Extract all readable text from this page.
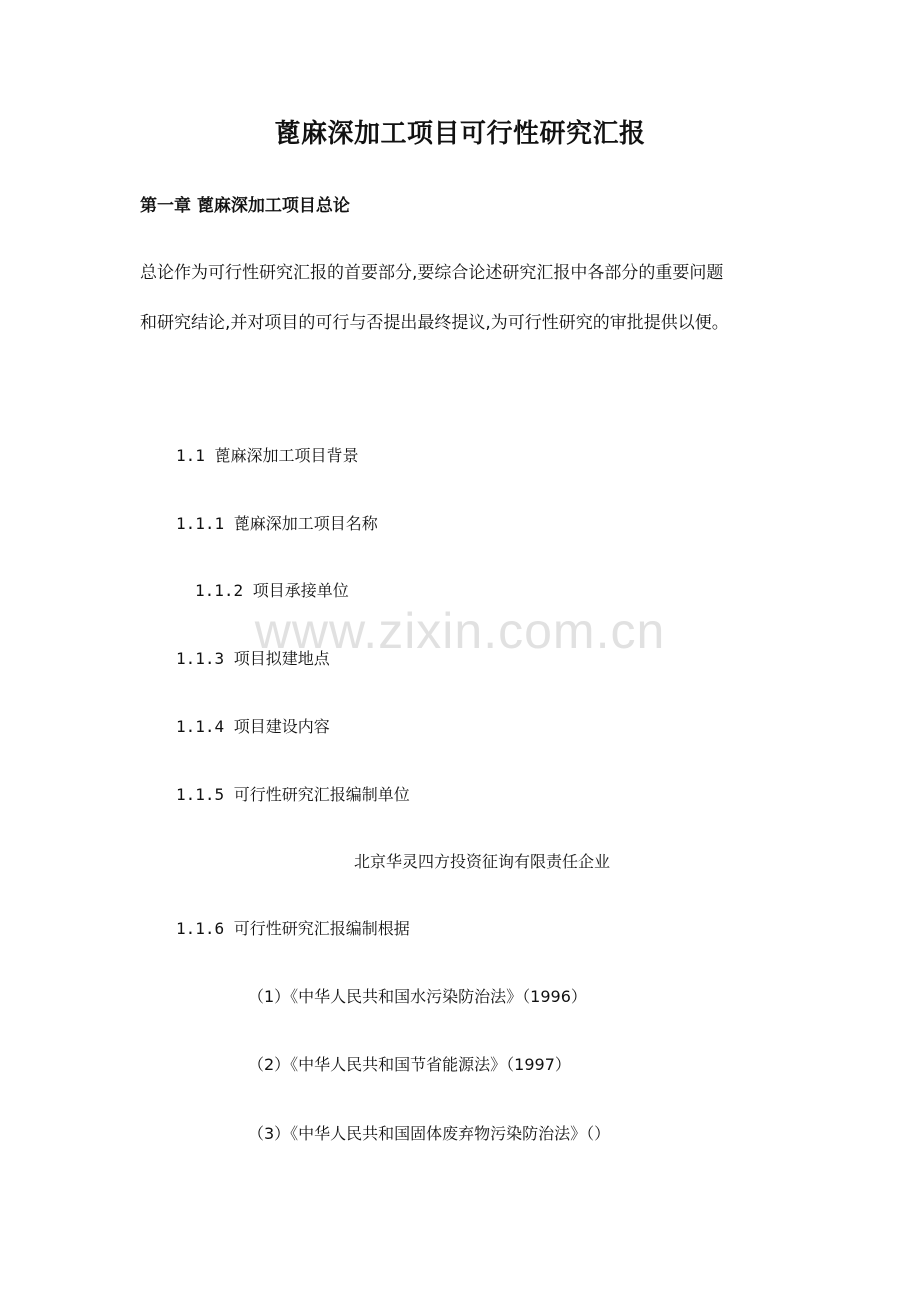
www.zixin.com.cn
蓖麻深加工项目可行性研究汇报
第一章 蓖麻深加工项目总论
总论作为可行性研究汇报的首要部分,要综合论述研究汇报中各部分的重要问题
和研究结论,并对项目的可行与否提出最终提议,为可行性研究的审批提供以便。
1.1 蓖麻深加工项目背景
1.1.1 蓖麻深加工项目名称
1.1.2 项目承接单位
1.1.3 项目拟建地点
1.1.4 项目建设内容
1.1.5 可行性研究汇报编制单位
北京华灵四方投资征询有限责任企业
1.1.6 可行性研究汇报编制根据
（1）《中华人民共和国水污染防治法》（1996）
（2）《中华人民共和国节省能源法》（1997）
（3）《中华人民共和国固体废弃物污染防治法》（）
